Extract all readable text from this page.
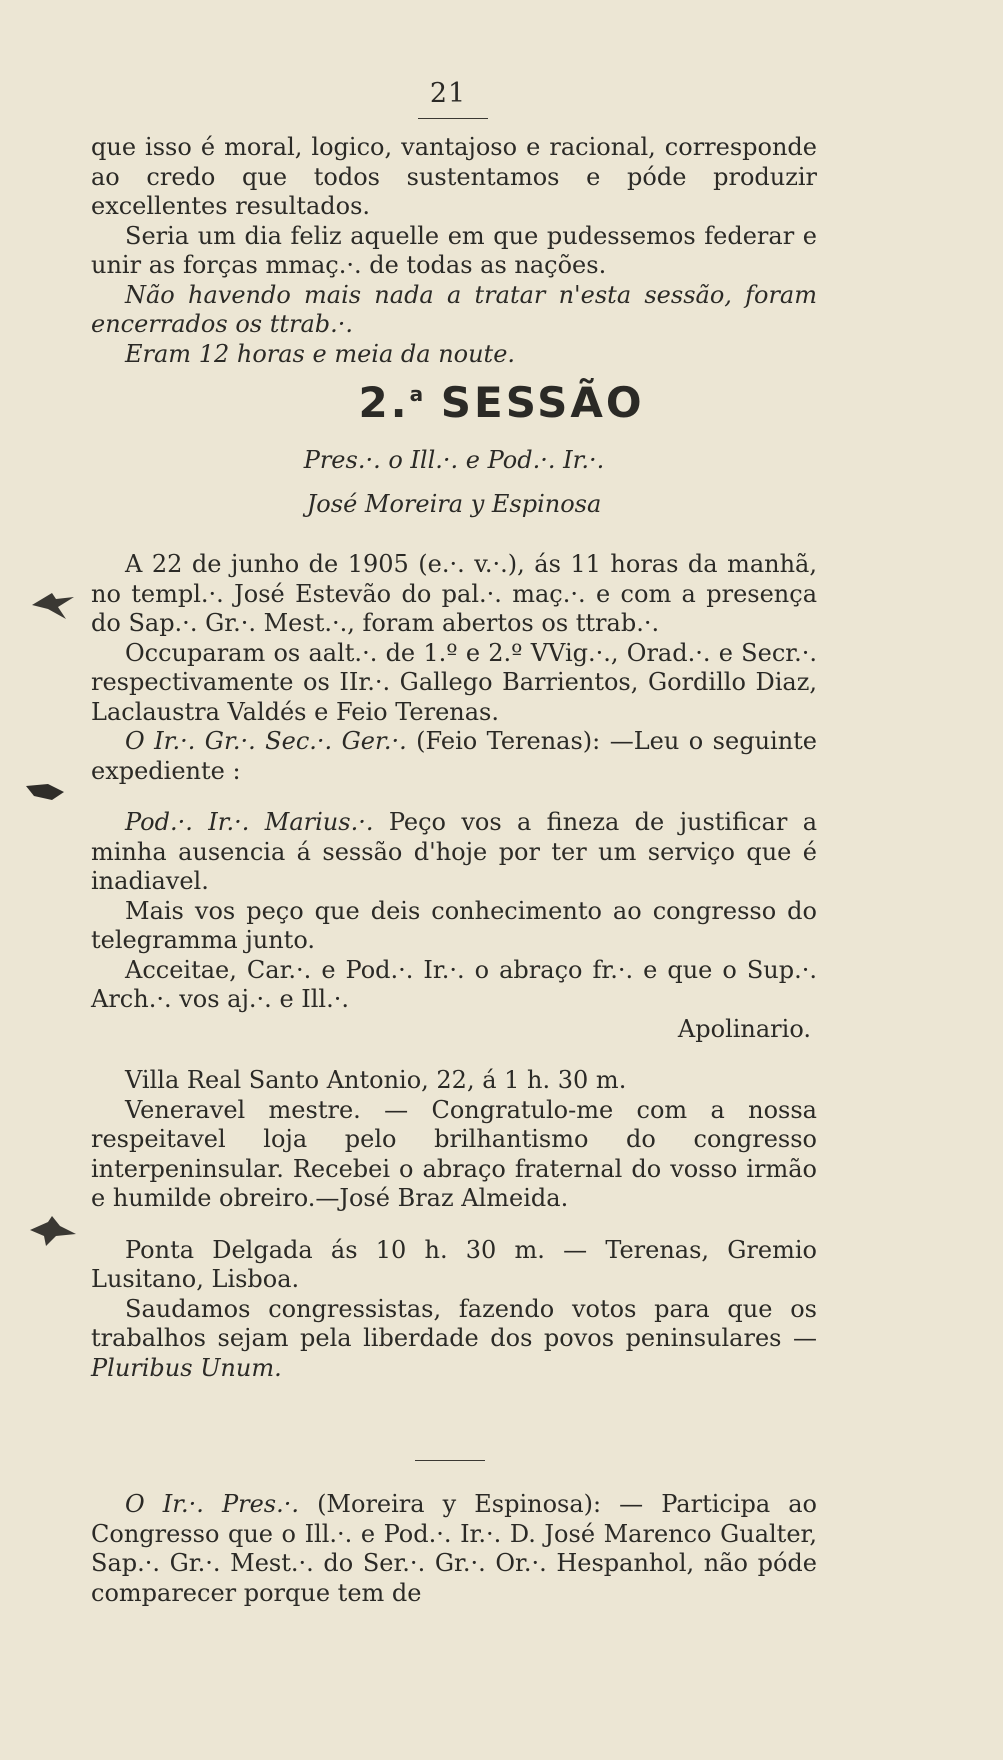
21

que isso é moral, logico, vantajoso e racional, corresponde ao credo que todos sustentamos e póde produzir excellentes resultados.

Seria um dia feliz aquelle em que pudessemos federar e unir as forças mmaç.·. de todas as nações.

Não havendo mais nada a tratar n'esta sessão, foram encerrados os ttrab.·.

Eram 12 horas e meia da noute.

2.$^a$ SESSÃO

Pres.·. o Ill.·. e Pod.·. Ir.·.

José Moreira y Espinosa

A 22 de junho de 1905 (e.·. v.·.), ás 11 horas da manhã, no templ.·. José Estevão do pal.·. maç.·. e com a presença do Sap.·. Gr.·. Mest.·., foram abertos os ttrab.·.

Occuparam os aalt.·. de 1.º e 2.º VVig.·., Orad.·. e Secr.·. respectivamente os IIr.·. Gallego Barrientos, Gordillo Diaz, Laclaustra Valdés e Feio Terenas.

O Ir.·. Gr.·. Sec.·. Ger.·. (Feio Terenas): —Leu o seguinte expediente :

Pod.·. Ir.·. Marius.·. Peço vos a fineza de justificar a minha ausencia á sessão d'hoje por ter um serviço que é inadiavel.

Mais vos peço que deis conhecimento ao congresso do telegramma junto.

Acceitae, Car.·. e Pod.·. Ir.·. o abraço fr.·. e que o Sup.·. Arch.·. vos aj.·. e Ill.·.

Apolinario.

Villa Real Santo Antonio, 22, á 1 h. 30 m.

Veneravel mestre. — Congratulo-me com a nossa respeitavel loja pelo brilhantismo do congresso interpeninsular. Recebei o abraço fraternal do vosso irmão e humilde obreiro.—José Braz Almeida.

Ponta Delgada ás 10 h. 30 m. — Terenas, Gremio Lusitano, Lisboa.

Saudamos congressistas, fazendo votos para que os trabalhos sejam pela liberdade dos povos peninsulares — Pluribus Unum.

O Ir.·. Pres.·. (Moreira y Espinosa): — Participa ao Congresso que o Ill.·. e Pod.·. Ir.·. D. José Marenco Gualter, Sap.·. Gr.·. Mest.·. do Ser.·. Gr.·. Or.·. Hespanhol, não póde comparecer porque tem de
